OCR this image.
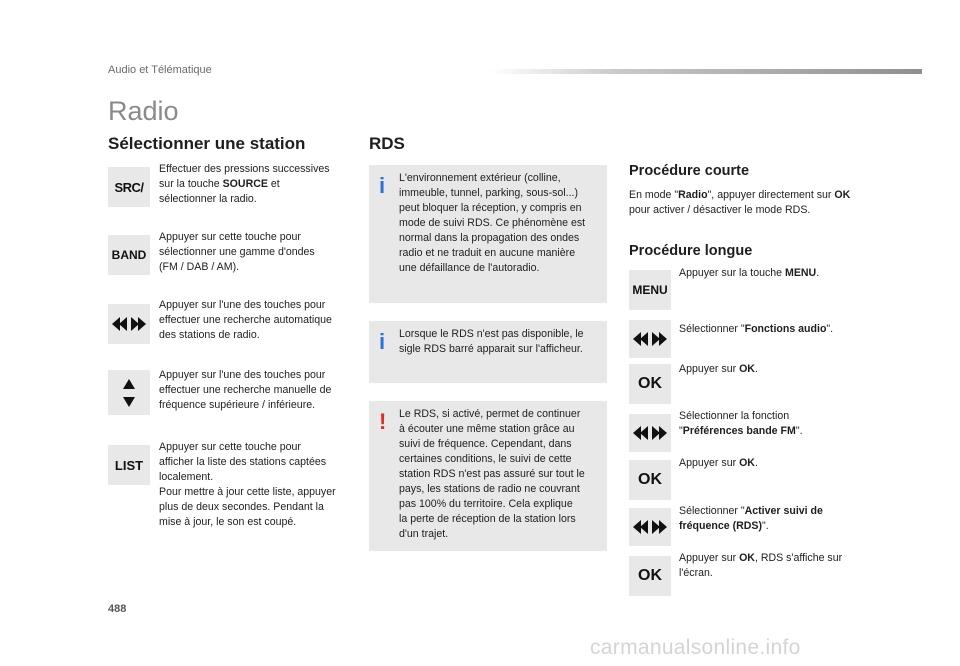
Audio et Télématique
Radio
Sélectionner une station
SRC/
Effectuer des pressions successives
sur la touche SOURCE et
sélectionner la radio.
BAND
Appuyer sur cette touche pour
sélectionner une gamme d'ondes
(FM / DAB / AM).
Appuyer sur l'une des touches pour
effectuer une recherche automatique
des stations de radio.
Appuyer sur l'une des touches pour
effectuer une recherche manuelle de
fréquence supérieure / inférieure.
LIST
Appuyer sur cette touche pour
afficher la liste des stations captées
localement.
Pour mettre à jour cette liste, appuyer
plus de deux secondes. Pendant la
mise à jour, le son est coupé.
RDS
i L'environnement extérieur (colline,
immeuble, tunnel, parking, sous-sol...)
peut bloquer la réception, y compris en
mode de suivi RDS. Ce phénomène est
normal dans la propagation des ondes
radio et ne traduit en aucune manière
une défaillance de l'autoradio.
i Lorsque le RDS n'est pas disponible, le
sigle RDS barré apparait sur l'afficheur.
! Le RDS, si activé, permet de continuer
à écouter une même station grâce au
suivi de fréquence. Cependant, dans
certaines conditions, le suivi de cette
station RDS n'est pas assuré sur tout le
pays, les stations de radio ne couvrant
pas 100% du territoire. Cela explique
la perte de réception de la station lors
d'un trajet.
Procédure courte
En mode "Radio", appuyer directement sur OK
pour activer / désactiver le mode RDS.
Procédure longue
MENU
Appuyer sur la touche MENU.
Sélectionner "Fonctions audio".
OK
Appuyer sur OK.
Sélectionner la fonction
"Préférences bande FM".
OK
Appuyer sur OK.
Sélectionner "Activer suivi de
fréquence (RDS)".
OK
Appuyer sur OK, RDS s'affiche sur
l'écran.
488
carmanualsonline.info
